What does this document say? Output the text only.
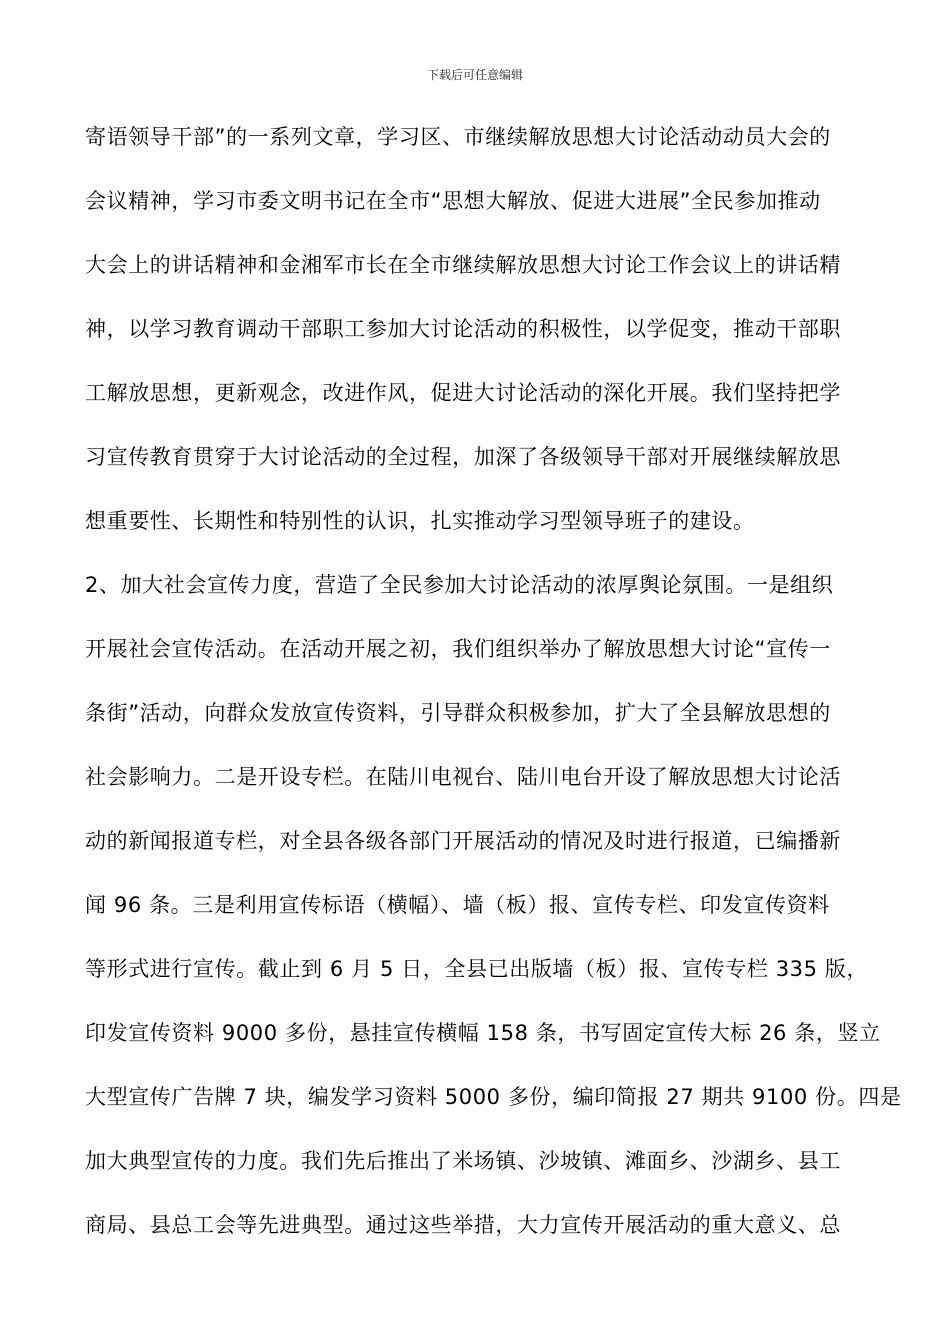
下载后可任意编辑
寄语领导干部”的一系列文章，学习区、市继续解放思想大讨论活动动员大会的
会议精神，学习市委文明书记在全市“思想大解放、促进大进展”全民参加推动
大会上的讲话精神和金湘军市长在全市继续解放思想大讨论工作会议上的讲话精
神，以学习教育调动干部职工参加大讨论活动的积极性，以学促变，推动干部职
工解放思想，更新观念，改进作风，促进大讨论活动的深化开展。我们坚持把学
习宣传教育贯穿于大讨论活动的全过程，加深了各级领导干部对开展继续解放思
想重要性、长期性和特别性的认识，扎实推动学习型领导班子的建设。
2、加大社会宣传力度，营造了全民参加大讨论活动的浓厚舆论氛围。一是组织
开展社会宣传活动。在活动开展之初，我们组织举办了解放思想大讨论“宣传一
条街”活动，向群众发放宣传资料，引导群众积极参加，扩大了全县解放思想的
社会影响力。二是开设专栏。在陆川电视台、陆川电台开设了解放思想大讨论活
动的新闻报道专栏，对全县各级各部门开展活动的情况及时进行报道，已编播新
闻 96 条。三是利用宣传标语（横幅）、墙（板）报、宣传专栏、印发宣传资料
等形式进行宣传。截止到 6 月 5 日，全县已出版墙（板）报、宣传专栏 335 版，
印发宣传资料 9000 多份，悬挂宣传横幅 158 条，书写固定宣传大标 26 条，竖立
大型宣传广告牌 7 块，编发学习资料 5000 多份，编印简报 27 期共 9100 份。四是
加大典型宣传的力度。我们先后推出了米场镇、沙坡镇、滩面乡、沙湖乡、县工
商局、县总工会等先进典型。通过这些举措，大力宣传开展活动的重大意义、总
